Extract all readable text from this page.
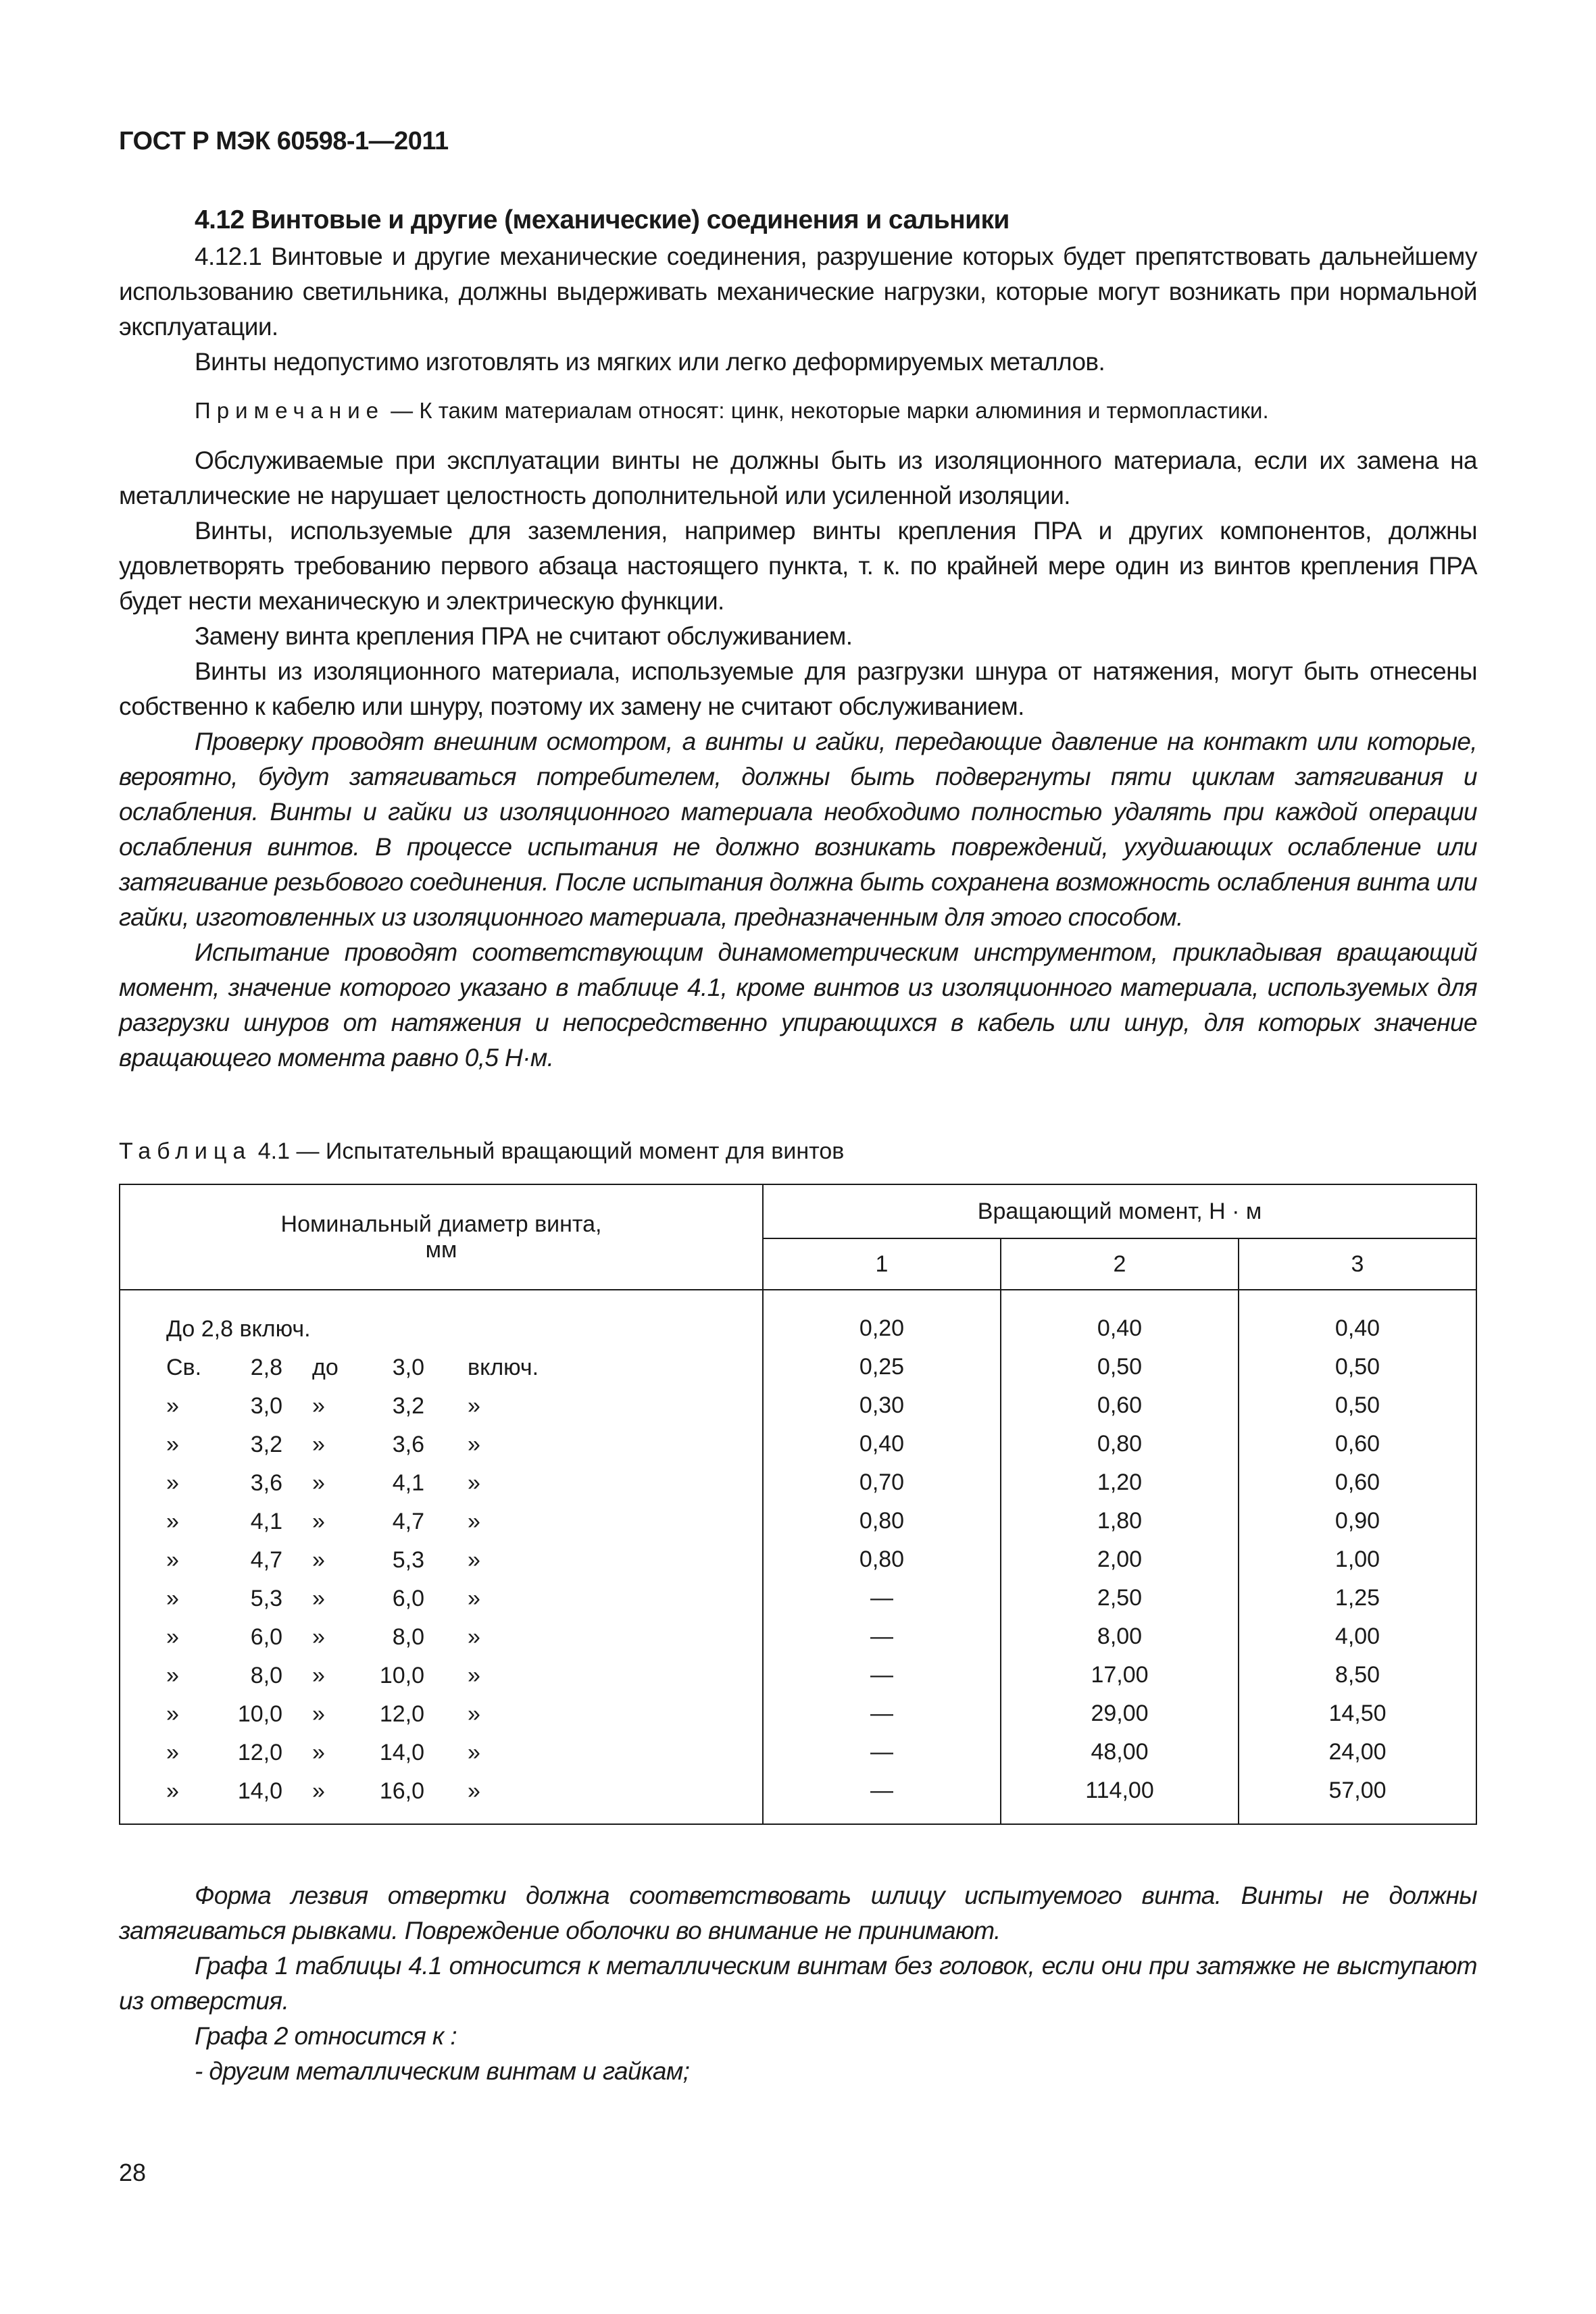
ГОСТ Р МЭК 60598-1—2011

4.12 Винтовые и другие (механические) соединения и сальники

4.12.1 Винтовые и другие механические соединения, разрушение которых будет препятствовать дальнейшему использованию светильника, должны выдерживать механические нагрузки, которые могут возникать при нормальной эксплуатации.

Винты недопустимо изготовлять из мягких или легко деформируемых металлов.

Примечание — К таким материалам относят: цинк, некоторые марки алюминия и термопластики.

Обслуживаемые при эксплуатации винты не должны быть из изоляционного материала, если их замена на металлические не нарушает целостность дополнительной или усиленной изоляции.

Винты, используемые для заземления, например винты крепления ПРА и других компонентов, должны удовлетворять требованию первого абзаца настоящего пункта, т. к. по крайней мере один из винтов крепления ПРА будет нести механическую и электрическую функции.

Замену винта крепления ПРА не считают обслуживанием.

Винты из изоляционного материала, используемые для разгрузки шнура от натяжения, могут быть отнесены собственно к кабелю или шнуру, поэтому их замену не считают обслуживанием.

Проверку проводят внешним осмотром, а винты и гайки, передающие давление на контакт или которые, вероятно, будут затягиваться потребителем, должны быть подвергнуты пяти циклам затягивания и ослабления. Винты и гайки из изоляционного материала необходимо полностью удалять при каждой операции ослабления винтов. В процессе испытания не должно возникать повреждений, ухудшающих ослабление или затягивание резьбового соединения. После испытания должна быть сохранена возможность ослабления винта или гайки, изготовленных из изоляционного материала, предназначенным для этого способом.

Испытание проводят соответствующим динамометрическим инструментом, прикладывая вращающий момент, значение которого указано в таблице 4.1, кроме винтов из изоляционного материала, используемых для разгрузки шнуров от натяжения и непосредственно упирающихся в кабель или шнур, для которых значение вращающего момента равно 0,5 Н·м.

Таблица 4.1 — Испытательный вращающий момент для винтов
Номинальный диаметр винта,
мм	Вращающий момент, Н · м		
	1	2	3

До 2,8 включ.	0,20	0,40	0,40

Св. 2,8 до 3,0 включ.	0,25	0,50	0,50

» 3,0 » 3,2 »	0,30	0,60	0,50

» 3,2 » 3,6 »	0,40	0,80	0,60

» 3,6 » 4,1 »	0,70	1,20	0,60

» 4,1 » 4,7 »	0,80	1,80	0,90

» 4,7 » 5,3 »	0,80	2,00	1,00

» 5,3 » 6,0 »	—	2,50	1,25

» 6,0 » 8,0 »	—	8,00	4,00

» 8,0 » 10,0 »	—	17,00	8,50

» 10,0 » 12,0 »	—	29,00	14,50

» 12,0 » 14,0 »	—	48,00	24,00

» 14,0 » 16,0 »	—	114,00	57,00

Форма лезвия отвертки должна соответствовать шлицу испытуемого винта. Винты не должны затягиваться рывками. Повреждение оболочки во внимание не принимают.

Графа 1 таблицы 4.1 относится к металлическим винтам без головок, если они при затяжке не выступают из отверстия.

Графа 2 относится к :

- другим металлическим винтам и гайкам;

28
